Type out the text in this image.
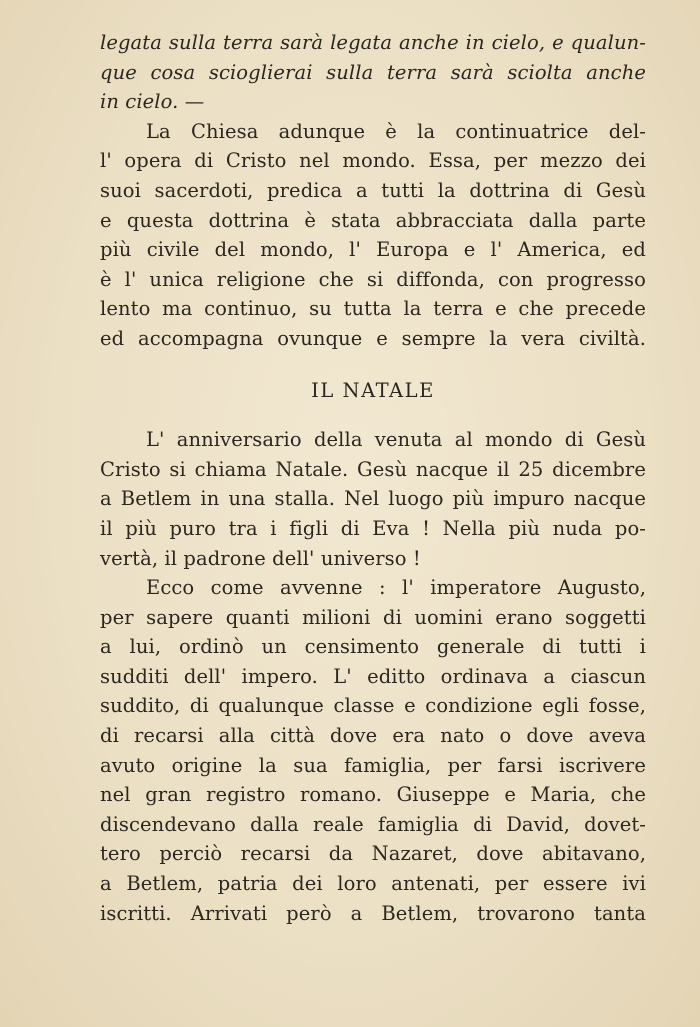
legata sulla terra sarà legata anche in cielo, e qualun-
que cosa scioglierai sulla terra sarà sciolta anche
in cielo. —
La Chiesa adunque è la continuatrice del-
l' opera di Cristo nel mondo. Essa, per mezzo dei
suoi sacerdoti, predica a tutti la dottrina di Gesù
e questa dottrina è stata abbracciata dalla parte
più civile del mondo, l' Europa e l' America, ed
è l' unica religione che si diffonda, con progresso
lento ma continuo, su tutta la terra e che precede
ed accompagna ovunque e sempre la vera civiltà.
IL NATALE
L' anniversario della venuta al mondo di Gesù
Cristo si chiama Natale. Gesù nacque il 25 dicembre
a Betlem in una stalla. Nel luogo più impuro nacque
il più puro tra i figli di Eva ! Nella più nuda po-
vertà, il padrone dell' universo !
Ecco come avvenne : l' imperatore Augusto,
per sapere quanti milioni di uomini erano soggetti
a lui, ordinò un censimento generale di tutti i
sudditi dell' impero. L' editto ordinava a ciascun
suddito, di qualunque classe e condizione egli fosse,
di recarsi alla città dove era nato o dove aveva
avuto origine la sua famiglia, per farsi iscrivere
nel gran registro romano. Giuseppe e Maria, che
discendevano dalla reale famiglia di David, dovet-
tero perciò recarsi da Nazaret, dove abitavano,
a Betlem, patria dei loro antenati, per essere ivi
iscritti. Arrivati però a Betlem, trovarono tanta
